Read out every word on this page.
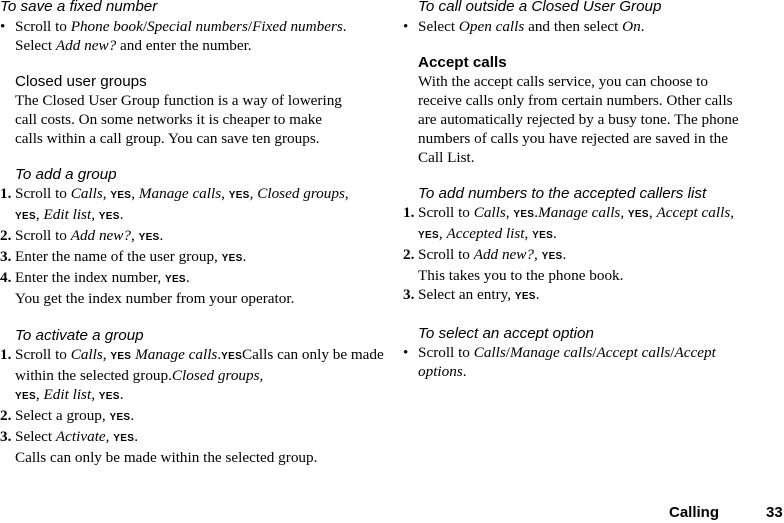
To save a fixed number

• Scroll to Phone book/Special numbers/Fixed numbers.
Select Add new? and enter the number.

Closed user groups

The Closed User Group function is a way of lowering

call costs. On some networks it is cheaper to make

calls within a call group. You can save ten groups.

To add a group

1. Scroll to Calls, YES, Manage calls, YES, Closed groups,
YES, Edit list, YES.
2. Scroll to Add new?, YES.
3. Enter the name of the user group, YES.
4. Enter the index number, YES.
You get the index number from your operator.

To activate a group

1. Scroll to Calls, YES Manage calls.YESCalls can only be made within the selected group.Closed groups,
YES, Edit list, YES.
2. Select a group, YES.
3. Select Activate, YES.
Calls can only be made within the selected group.

To call outside a Closed User Group

• Select Open calls and then select On.

Accept calls

With the accept calls service, you can choose to

receive calls only from certain numbers. Other calls

are automatically rejected by a busy tone. The phone

numbers of calls you have rejected are saved in the

Call List.

To add numbers to the accepted callers list

1. Scroll to Calls, YES.Manage calls, YES, Accept calls,
YES, Accepted list, YES.
2. Scroll to Add new?, YES.
This takes you to the phone book.
3. Select an entry, YES.

To select an accept option

• Scroll to Calls/Manage calls/Accept calls/Accept
options.
Calling	33
